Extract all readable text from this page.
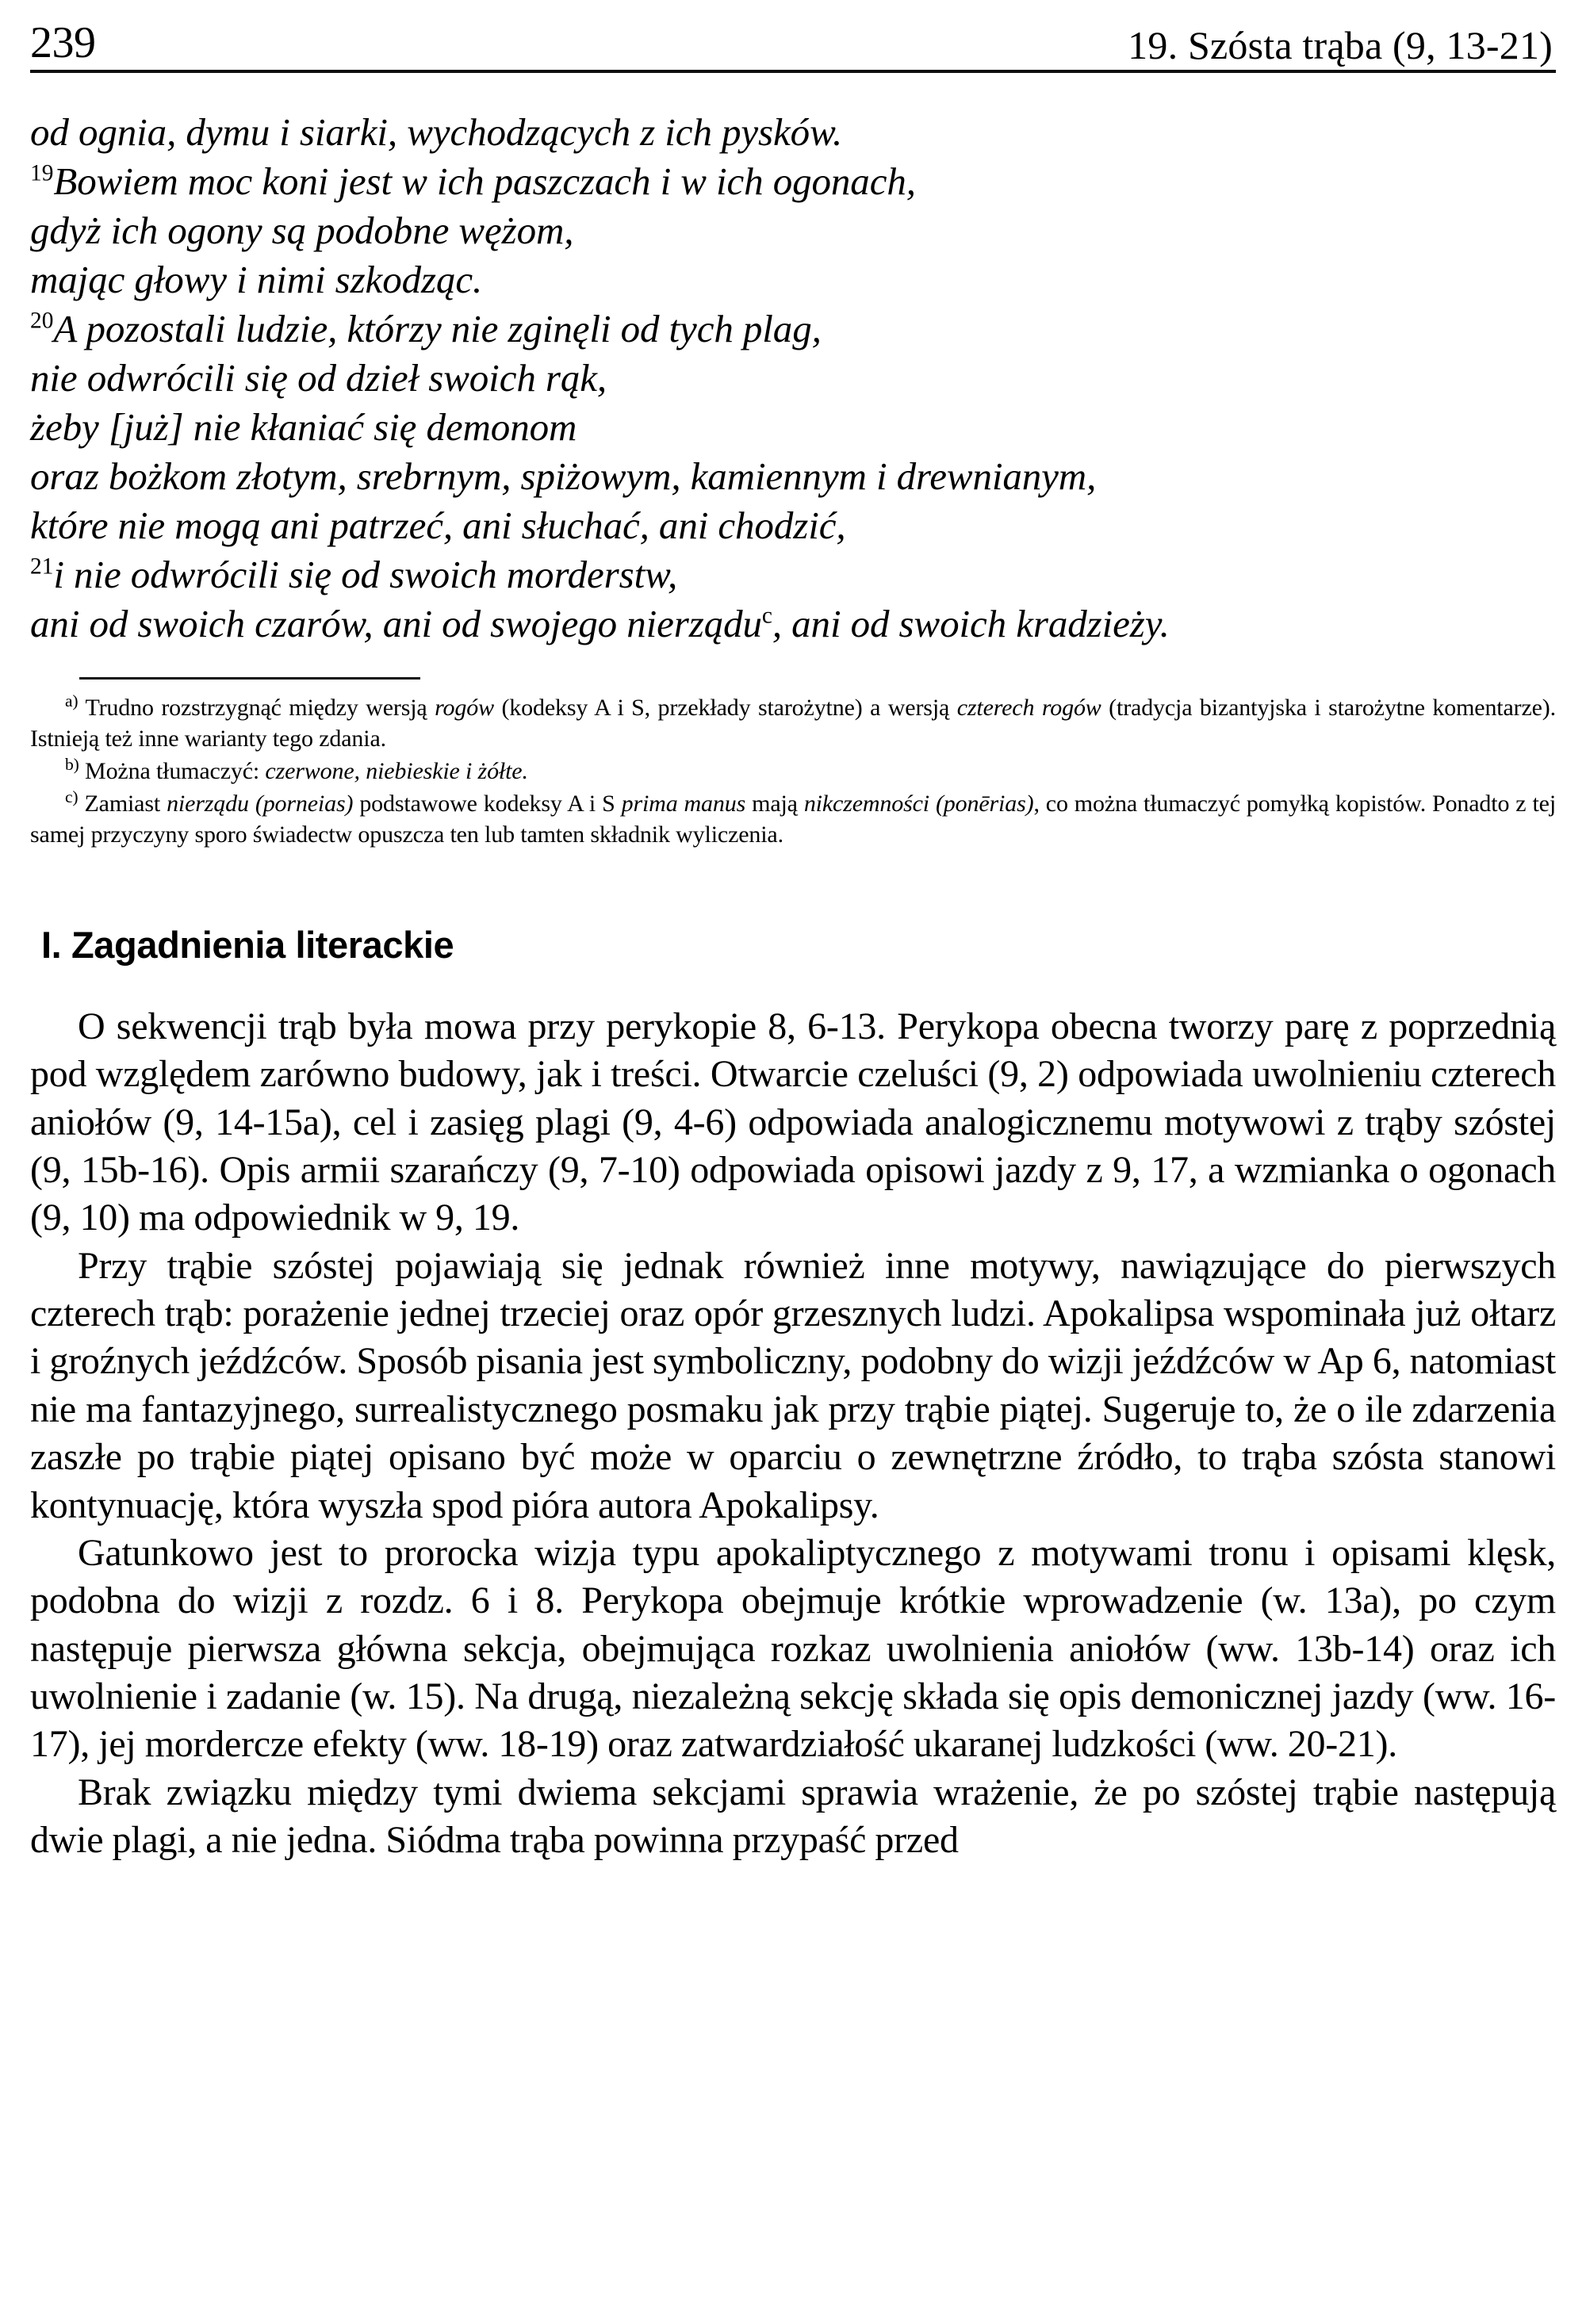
239	19. Szósta trąba (9, 13-21)
od ognia, dymu i siarki, wychodzących z ich pysków.
$^{19}$Bowiem moc koni jest w ich paszczach i w ich ogonach,
gdyż ich ogony są podobne wężom,
mając głowy i nimi szkodząc.
$^{20}$A pozostali ludzie, którzy nie zginęli od tych plag,
nie odwrócili się od dzieł swoich rąk,
żeby [już] nie kłaniać się demonom
oraz bożkom złotym, srebrnym, spiżowym, kamiennym i drewnianym,
które nie mogą ani patrzeć, ani słuchać, ani chodzić,
$^{21}$i nie odwrócili się od swoich morderstw,
ani od swoich czarów, ani od swojego nierządu$^c$, ani od swoich kradzieży.

$^{a)}$ Trudno rozstrzygnąć między wersją rogów (kodeksy A i S, przekłady starożytne) a wersją czterech rogów (tradycja bizantyjska i starożytne komentarze). Istnieją też inne warianty tego zdania.

$^{b)}$ Można tłumaczyć: czerwone, niebieskie i żółte.

$^{c)}$ Zamiast nierządu (porneias) podstawowe kodeksy A i S prima manus mają nikczemności (ponērias), co można tłumaczyć pomyłką kopistów. Ponadto z tej samej przyczyny sporo świadectw opuszcza ten lub tamten składnik wyliczenia.

I. Zagadnienia literackie

O sekwencji trąb była mowa przy perykopie 8, 6-13. Perykopa obecna tworzy parę z poprzednią pod względem zarówno budowy, jak i treści. Otwarcie czeluści (9, 2) odpowiada uwolnieniu czterech aniołów (9, 14-15a), cel i zasięg plagi (9, 4-6) odpowiada analogicznemu motywowi z trąby szóstej (9, 15b-16). Opis armii szarańczy (9, 7-10) odpowiada opisowi jazdy z 9, 17, a wzmianka o ogonach (9, 10) ma odpowiednik w 9, 19.

Przy trąbie szóstej pojawiają się jednak również inne motywy, nawiązujące do pierwszych czterech trąb: porażenie jednej trzeciej oraz opór grzesznych ludzi. Apokalipsa wspominała już ołtarz i groźnych jeźdźców. Sposób pisania jest symboliczny, podobny do wizji jeźdźców w Ap 6, natomiast nie ma fantazyjnego, surrealistycznego posmaku jak przy trąbie piątej. Sugeruje to, że o ile zdarzenia zaszłe po trąbie piątej opisano być może w oparciu o zewnętrzne źródło, to trąba szósta stanowi kontynuację, która wyszła spod pióra autora Apokalipsy.

Gatunkowo jest to prorocka wizja typu apokaliptycznego z motywami tronu i opisami klęsk, podobna do wizji z rozdz. 6 i 8. Perykopa obejmuje krótkie wprowadzenie (w. 13a), po czym następuje pierwsza główna sekcja, obejmująca rozkaz uwolnienia aniołów (ww. 13b-14) oraz ich uwolnienie i zadanie (w. 15). Na drugą, niezależną sekcję składa się opis demonicznej jazdy (ww. 16-17), jej mordercze efekty (ww. 18-19) oraz zatwardziałość ukaranej ludzkości (ww. 20-21).

Brak związku między tymi dwiema sekcjami sprawia wrażenie, że po szóstej trąbie następują dwie plagi, a nie jedna. Siódma trąba powinna przypaść przed
